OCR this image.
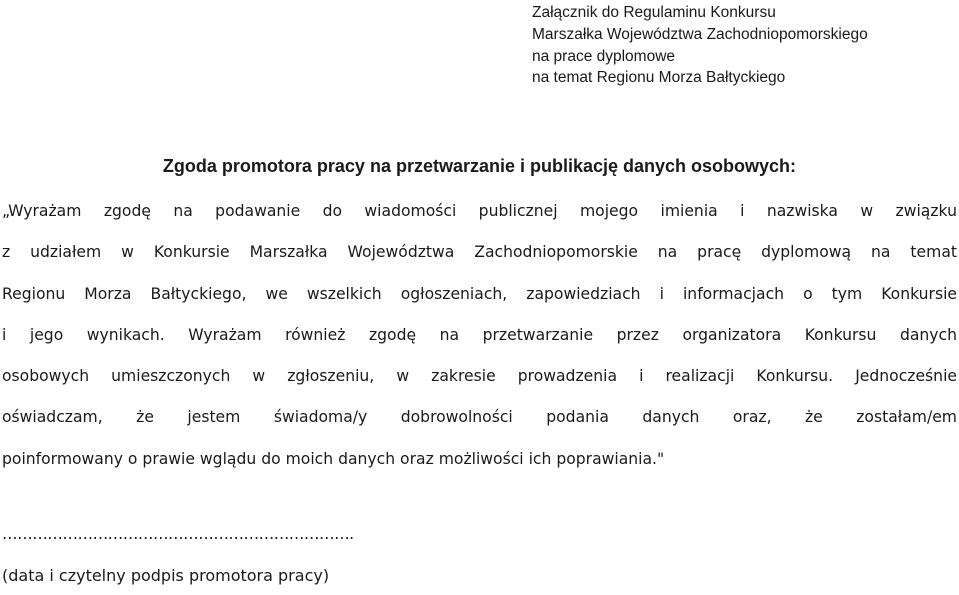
Załącznik do Regulaminu Konkursu
Marszałka Województwa Zachodniopomorskiego
na prace dyplomowe
na temat Regionu Morza Bałtyckiego
Zgoda promotora pracy na przetwarzanie i publikację danych osobowych:
„Wyrażam zgodę na podawanie do wiadomości publicznej mojego imienia i nazwiska w związku
z udziałem w Konkursie Marszałka Województwa Zachodniopomorskie na pracę dyplomową na temat
Regionu Morza Bałtyckiego, we wszelkich ogłoszeniach, zapowiedziach i informacjach o tym Konkursie
i jego wynikach. Wyrażam również zgodę na przetwarzanie przez organizatora Konkursu danych
osobowych umieszczonych w zgłoszeniu, w zakresie prowadzenia i realizacji Konkursu. Jednocześnie
oświadczam, że jestem świadoma/y dobrowolności podania danych oraz, że zostałam/em
poinformowany o prawie wglądu do moich danych oraz możliwości ich poprawiania."
…………………………………………………………….
(data i czytelny podpis promotora pracy)
